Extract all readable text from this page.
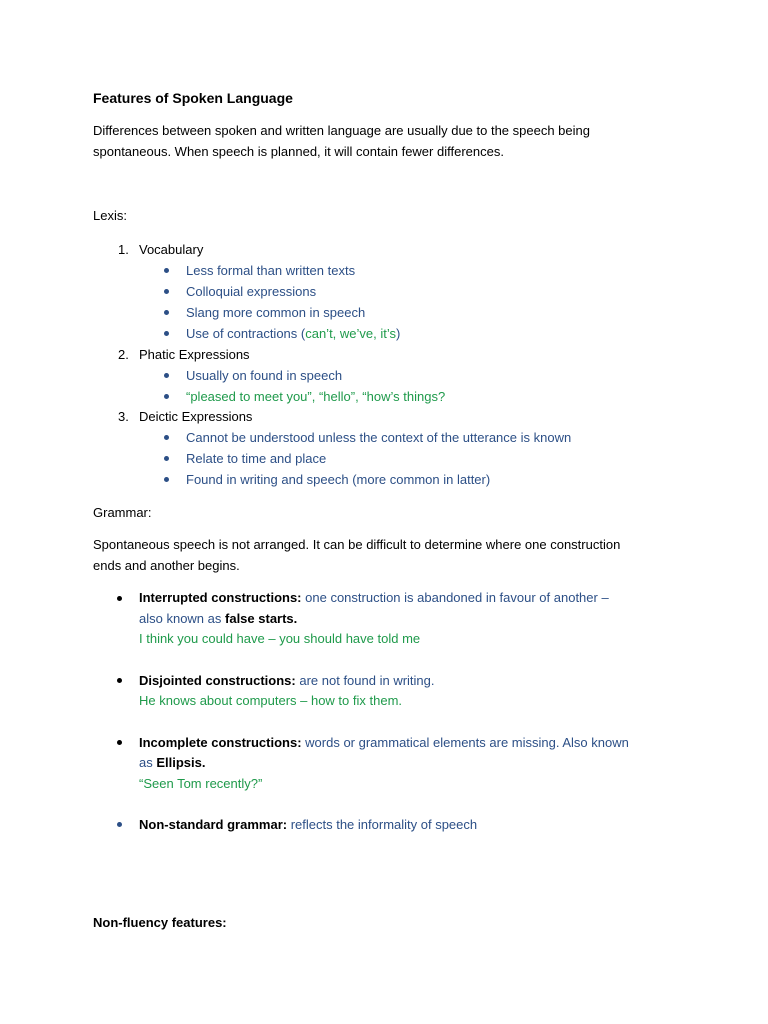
Features of Spoken Language
Differences between spoken and written language are usually due to the speech being
spontaneous. When speech is planned, it will contain fewer differences.
Lexis:
1. Vocabulary
Less formal than written texts
Colloquial expressions
Slang more common in speech
Use of contractions (can’t, we’ve, it’s)
2. Phatic Expressions
Usually on found in speech
“pleased to meet you”, “hello”, “how’s things?
3. Deictic Expressions
Cannot be understood unless the context of the utterance is known
Relate to time and place
Found in writing and speech (more common in latter)
Grammar:
Spontaneous speech is not arranged. It can be difficult to determine where one construction
ends and another begins.
Interrupted constructions: one construction is abandoned in favour of another –
also known as false starts.
I think you could have – you should have told me
Disjointed constructions: are not found in writing.
He knows about computers – how to fix them.
Incomplete constructions: words or grammatical elements are missing. Also known
as Ellipsis.
“Seen Tom recently?”
Non-standard grammar: reflects the informality of speech
Non-fluency features:
